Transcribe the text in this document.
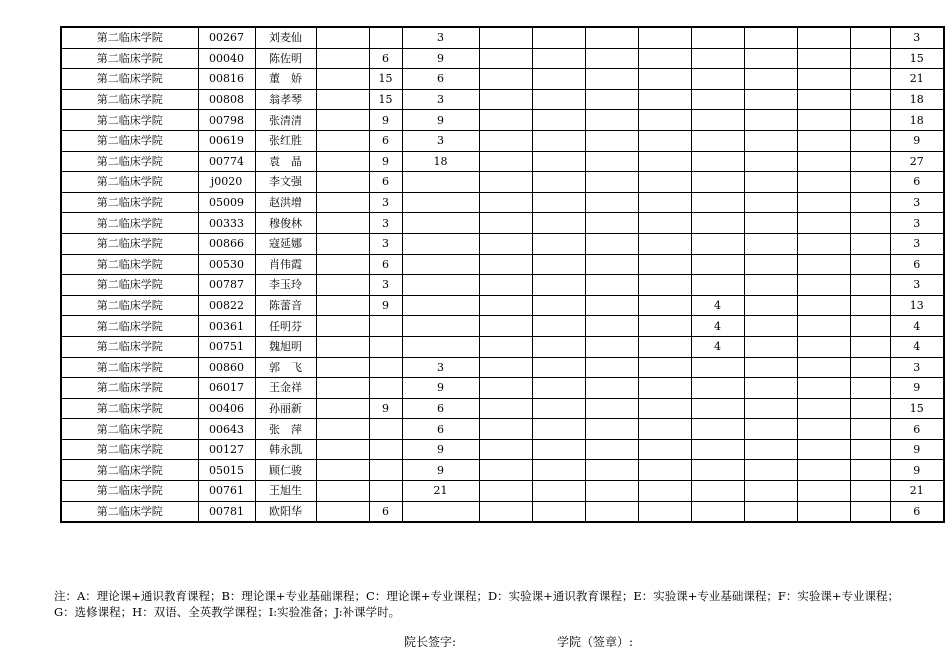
第二临床学院	00267	刘麦仙			3									3
第二临床学院	00040	陈佐明		6	9									15
第二临床学院	00816	董　娇		15	6									21
第二临床学院	00808	翁孝琴		15	3									18
第二临床学院	00798	张清清		9	9									18
第二临床学院	00619	张红胜		6	3									9
第二临床学院	00774	袁　晶		9	18									27
第二临床学院	j0020	李文强		6										6
第二临床学院	05009	赵洪增		3										3
第二临床学院	00333	穆俊林		3										3
第二临床学院	00866	寇延娜		3										3
第二临床学院	00530	肖伟霞		6										6
第二临床学院	00787	李玉玲		3										3
第二临床学院	00822	陈蕾音		9						4				13
第二临床学院	00361	任明芬								4				4
第二临床学院	00751	魏旭明								4				4
第二临床学院	00860	郭　飞			3									3
第二临床学院	06017	王金祥			9									9
第二临床学院	00406	孙丽新		9	6									15
第二临床学院	00643	张　萍			6									6
第二临床学院	00127	韩永凯			9									9
第二临床学院	05015	顾仁骏			9									9
第二临床学院	00761	王旭生			21									21
第二临床学院	00781	欧阳华		6										6
注：A：理论课+通识教育课程；B：理论课+专业基础课程；C：理论课+专业课程；D：实验课+通识教育课程；E：实验课+专业基础课程；F：实验课+专业课程；G：选修课程；H：双语、全英教学课程；I:实验准备；J:补课学时。
院长签字:	学院（签章）:
